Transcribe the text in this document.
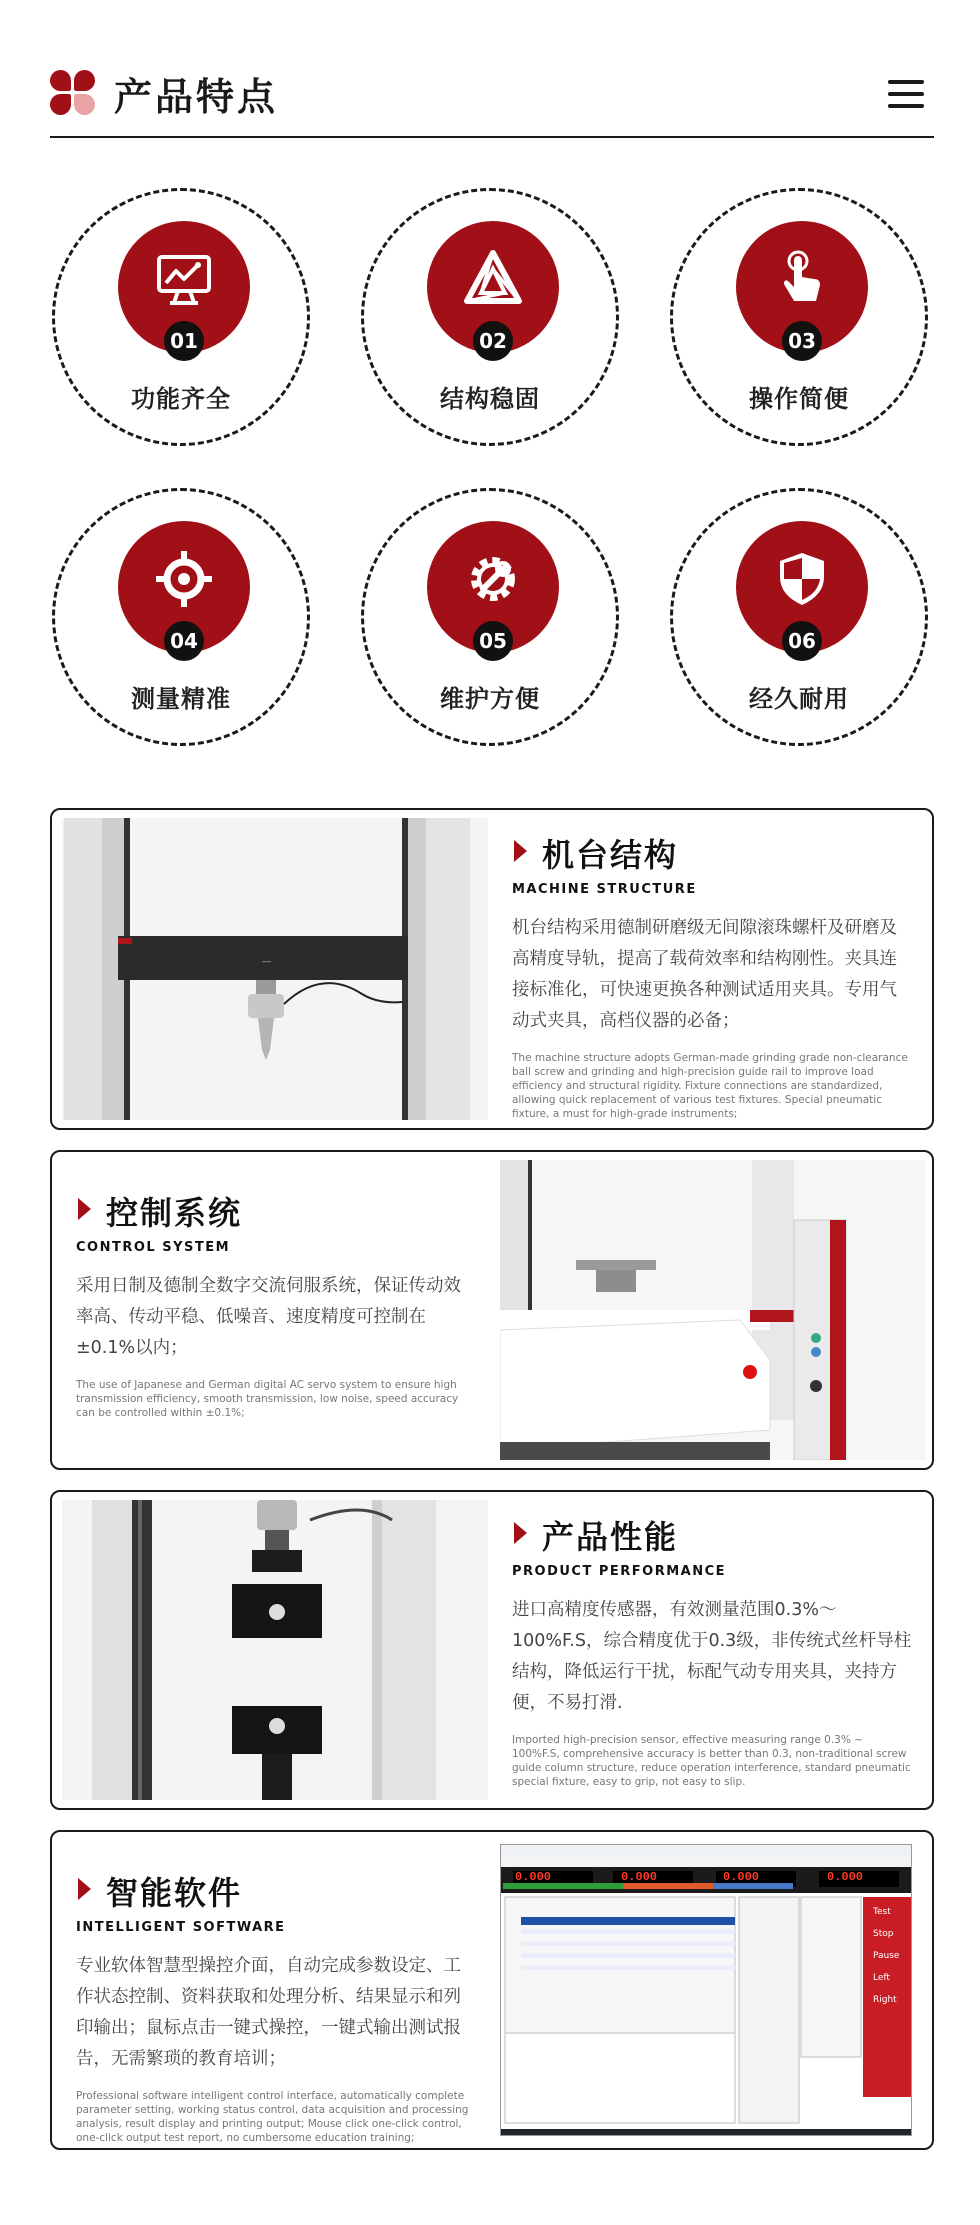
产品特点
01
功能齐全
02
结构稳固
03
操作简便
04
测量精准
05
维护方便
06
经久耐用
—
机台结构
MACHINE STRUCTURE
机台结构采用德制研磨级无间隙滚珠螺杆及研磨及高精度导轨，提高了载荷效率和结构刚性。夹具连接标准化，可快速更换各种测试适用夹具。专用气动式夹具，高档仪器的必备；
The machine structure adopts German-made grinding grade non-clearance ball screw and grinding and high-precision guide rail to improve load efficiency and structural rigidity. Fixture connections are standardized, allowing quick replacement of various test fixtures. Special pneumatic fixture, a must for high-grade instruments;
控制系统
CONTROL SYSTEM
采用日制及德制全数字交流伺服系统，保证传动效率高、传动平稳、低噪音、速度精度可控制在±0.1%以内；
The use of Japanese and German digital AC servo system to ensure high transmission efficiency, smooth transmission, low noise, speed accuracy can be controlled within ±0.1%;
产品性能
PRODUCT PERFORMANCE
进口高精度传感器，有效测量范围0.3%～100%F.S，综合精度优于0.3级，非传统式丝杆导柱结构，降低运行干扰，标配气动专用夹具，夹持方便，不易打滑.
Imported high-precision sensor, effective measuring range 0.3% ~ 100%F.S, comprehensive accuracy is better than 0.3, non-traditional screw guide column structure, reduce operation interference, standard pneumatic special fixture, easy to grip, not easy to slip.
智能软件
INTELLIGENT SOFTWARE
专业软体智慧型操控介面，自动完成参数设定、工作状态控制、资料获取和处理分析、结果显示和列印输出；鼠标点击一键式操控，一键式输出测试报告，无需繁琐的教育培训；
Professional software intelligent control interface, automatically complete parameter setting, working status control, data acquisition and processing analysis, result display and printing output; Mouse click one-click control, one-click output test report, no cumbersome education training;
0.000	0.000	0.000	0.000
Test
Stop
Pause
Left
Right
